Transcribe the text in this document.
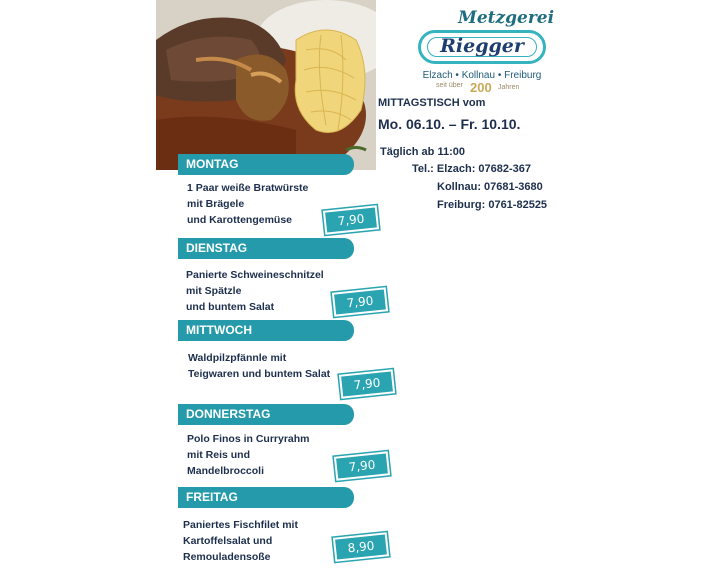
Metzgerei
Riegger
Elzach • Kollnau • Freiburg
seit über 200 Jahren
MITTAGSTISCH vom
Mo. 06.10. – Fr. 10.10.
Täglich ab 11:00
Tel.: Elzach: 07682-367
Kollnau: 07681-3680
Freiburg: 0761-82525
MONTAG
1 Paar weiße Bratwürste
mit Brägele
und Karottengemüse	7,90
DIENSTAG
Panierte Schweineschnitzel
mit Spätzle
und buntem Salat	7,90
MITTWOCH
Waldpilzpfännle mit
Teigwaren und buntem Salat
7,90
DONNERSTAG
Polo Finos in Curryrahm
mit Reis und
Mandelbroccoli	7,90
FREITAG
Paniertes Fischfilet mit
Kartoffelsalat und
Remouladensoße
8,90
